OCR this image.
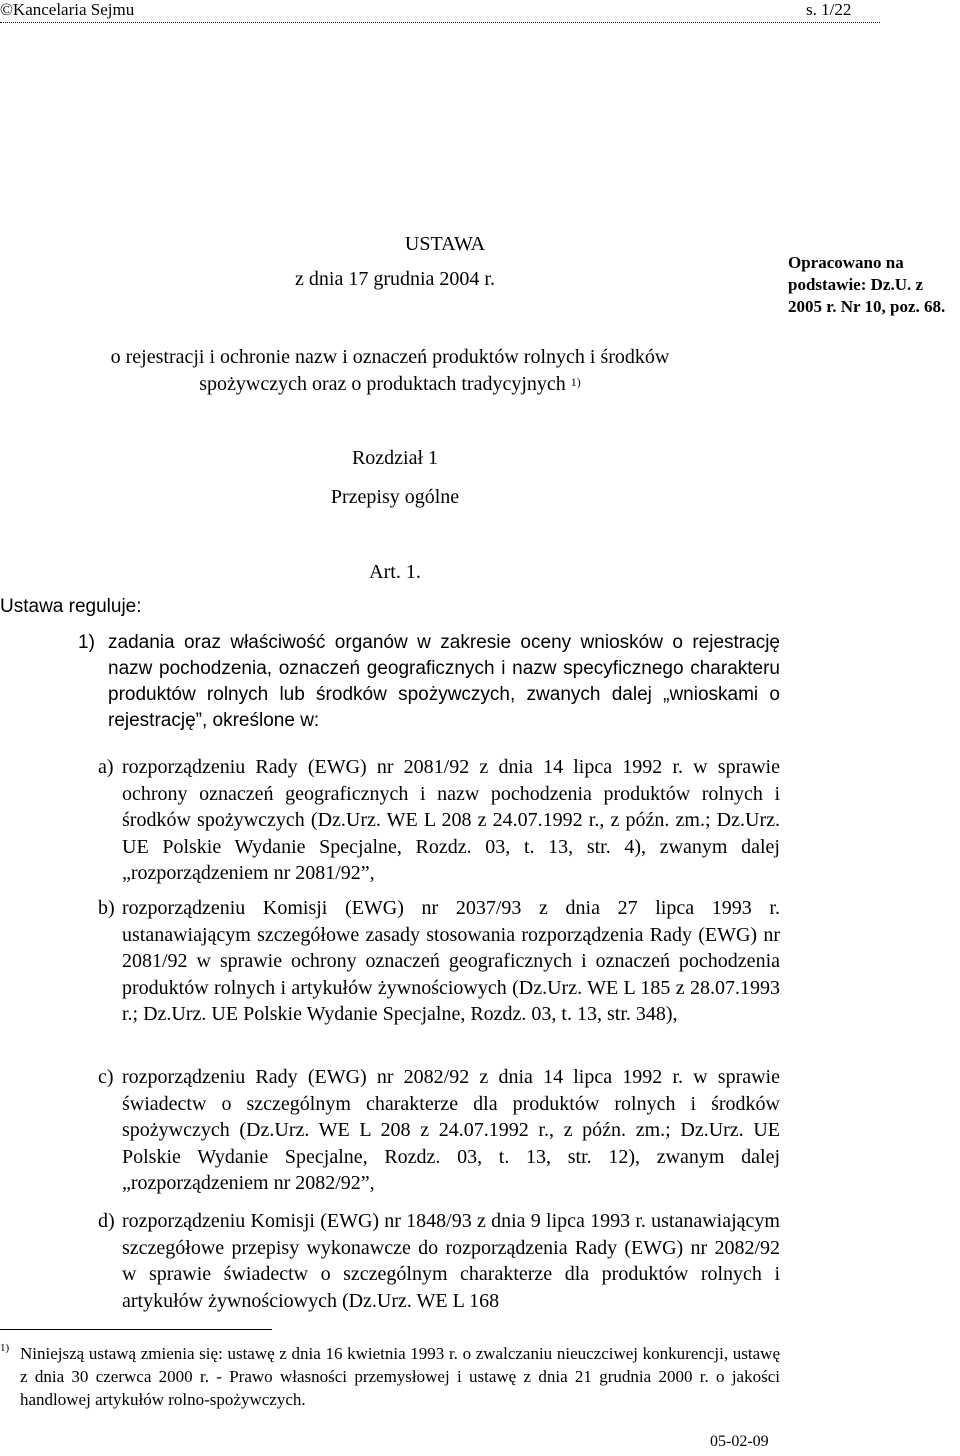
©Kancelaria Sejmu	s. 1/22
USTAWA
z dnia 17 grudnia 2004 r.
Opracowano na podstawie: Dz.U. z 2005 r. Nr 10, poz. 68.
o rejestracji i ochronie nazw i oznaczeń produktów rolnych i środków
spożywczych oraz o produktach tradycyjnych $^{1)}$
Rozdział 1
Przepisy ogólne
Art. 1.
Ustawa reguluje:
1) zadania oraz właściwość organów w zakresie oceny wniosków o rejestrację nazw pochodzenia, oznaczeń geograficznych i nazw specyficznego charakteru produktów rolnych lub środków spożywczych, zwanych dalej „wnioskami o rejestrację”, określone w:

a) rozporządzeniu Rady (EWG) nr 2081/92 z dnia 14 lipca 1992 r. w sprawie ochrony oznaczeń geograficznych i nazw pochodzenia produktów rolnych i środków spożywczych (Dz.Urz. WE L 208 z 24.07.1992 r., z późn. zm.; Dz.Urz. UE Polskie Wydanie Specjalne, Rozdz. 03, t. 13, str. 4), zwanym dalej „rozporządzeniem nr 2081/92”,

b) rozporządzeniu Komisji (EWG) nr 2037/93 z dnia 27 lipca 1993 r. ustanawiającym szczegółowe zasady stosowania rozporządzenia Rady (EWG) nr 2081/92 w sprawie ochrony oznaczeń geograficznych i oznaczeń pochodzenia produktów rolnych i artykułów żywnościowych (Dz.Urz. WE L 185 z 28.07.1993 r.; Dz.Urz. UE Polskie Wydanie Specjalne, Rozdz. 03, t. 13, str. 348),

c) rozporządzeniu Rady (EWG) nr 2082/92 z dnia 14 lipca 1992 r. w sprawie świadectw o szczególnym charakterze dla produktów rolnych i środków spożywczych (Dz.Urz. WE L 208 z 24.07.1992 r., z późn. zm.; Dz.Urz. UE Polskie Wydanie Specjalne, Rozdz. 03, t. 13, str. 12), zwanym dalej „rozporządzeniem nr 2082/92”,

d) rozporządzeniu Komisji (EWG) nr 1848/93 z dnia 9 lipca 1993 r. ustanawiającym szczegółowe przepisy wykonawcze do rozporządzenia Rady (EWG) nr 2082/92 w sprawie świadectw o szczególnym charakterze dla produktów rolnych i artykułów żywnościowych (Dz.Urz. WE L 168

1) Niniejszą ustawą zmienia się: ustawę z dnia 16 kwietnia 1993 r. o zwalczaniu nieuczciwej konkurencji, ustawę z dnia 30 czerwca 2000 r. - Prawo własności przemysłowej i ustawę z dnia 21 grudnia 2000 r. o jakości handlowej artykułów rolno-spożywczych.

05-02-09
